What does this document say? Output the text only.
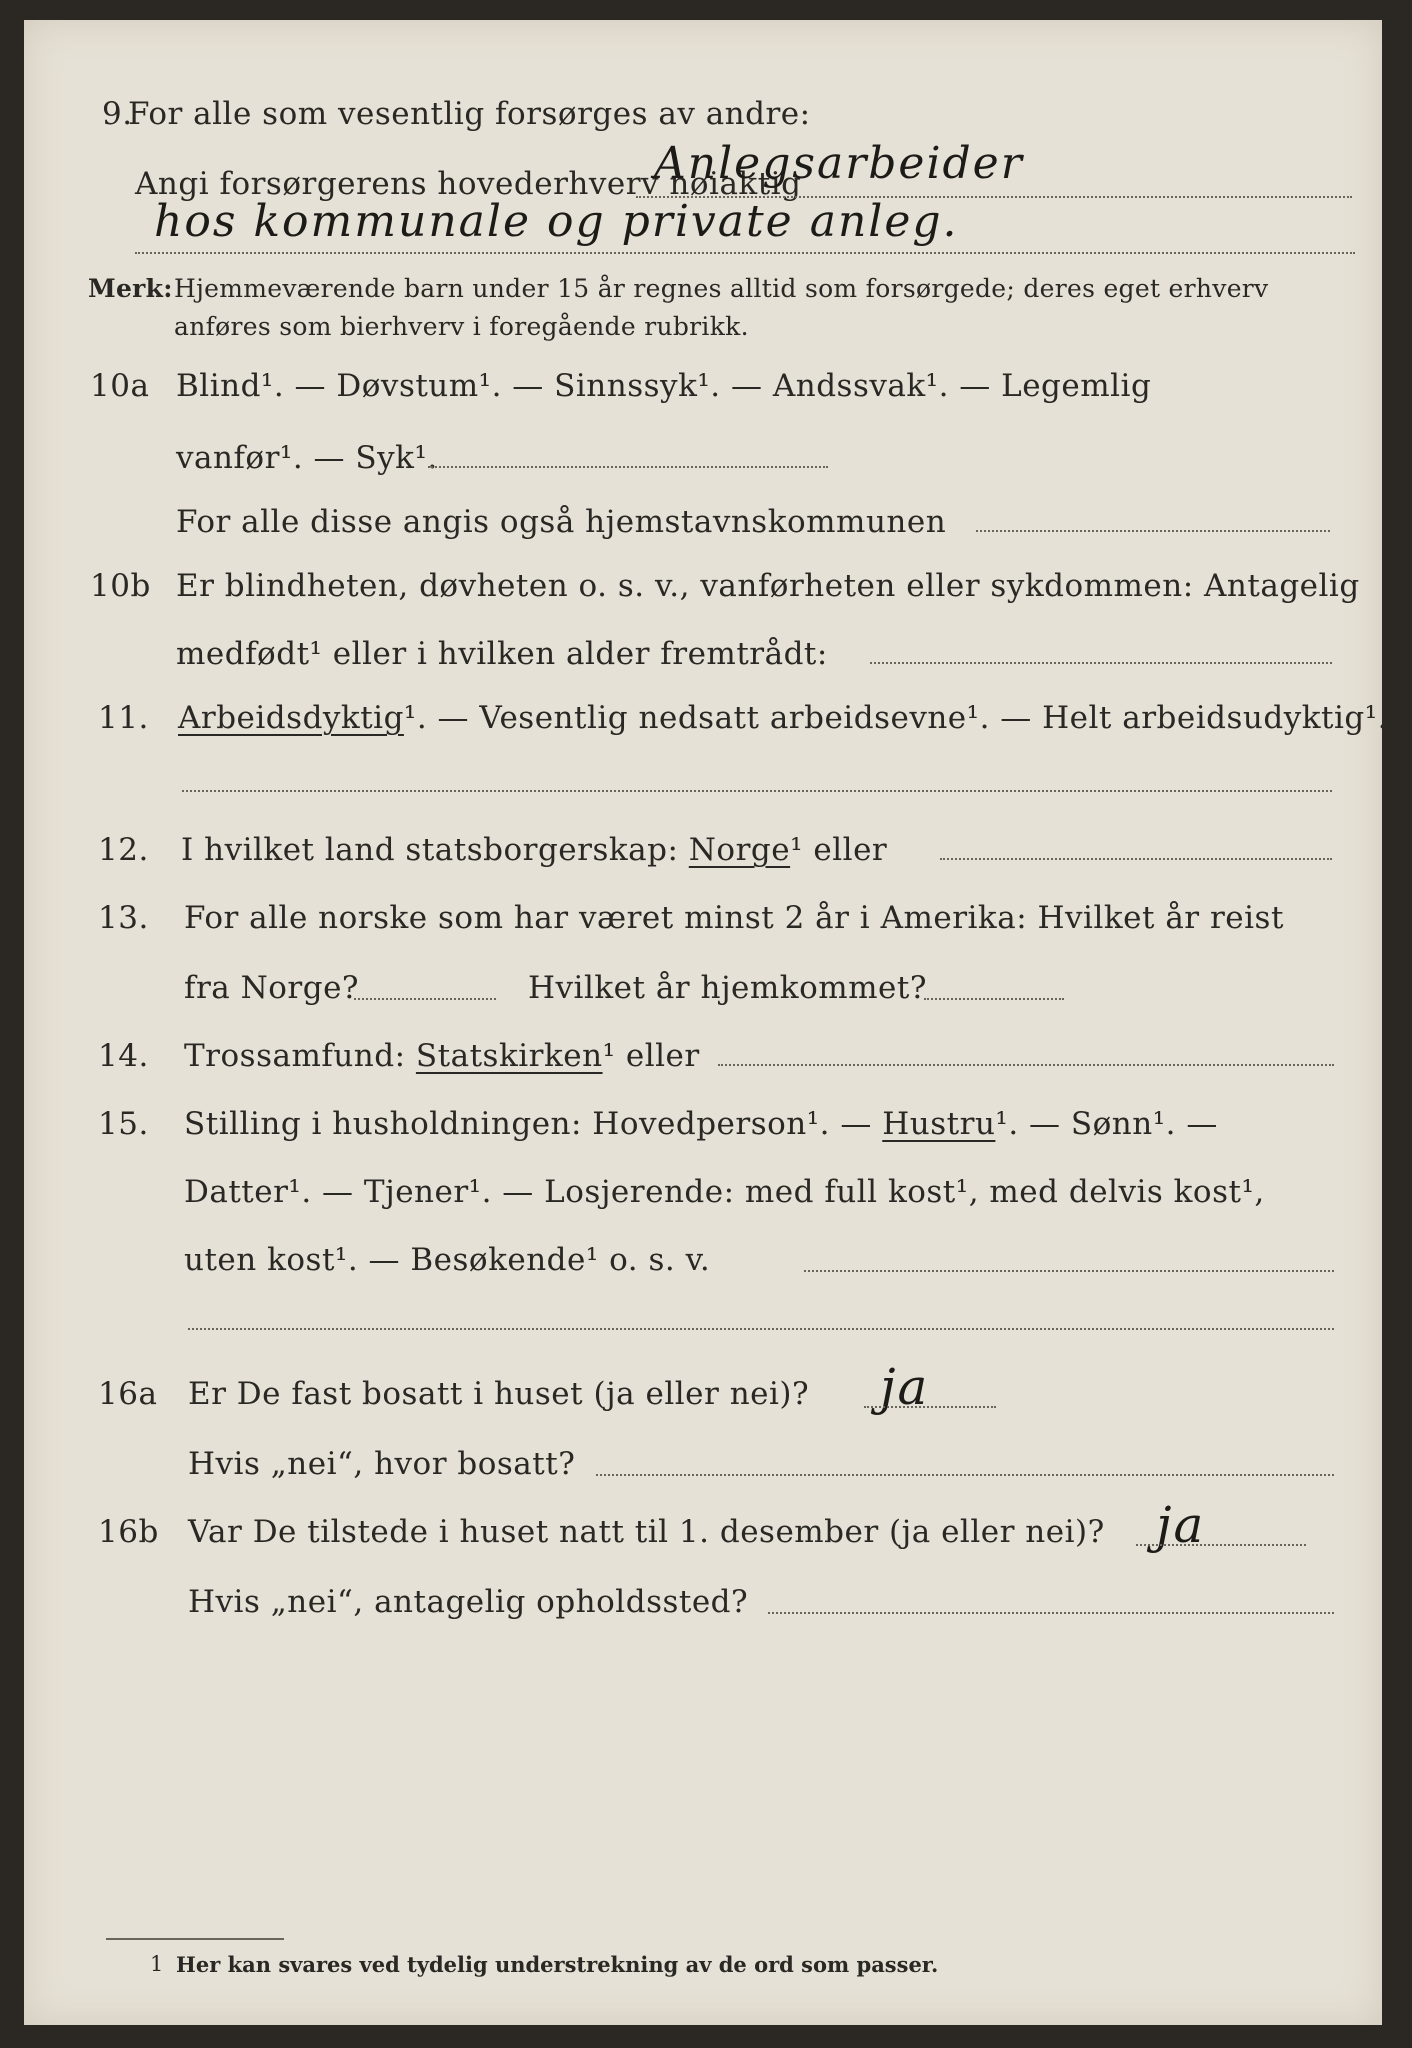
9.
For alle som vesentlig forsørges av andre:
Angi forsørgerens hovederhverv nøiaktig
Anlegsarbeider
hos kommunale og private anleg.
Merk: Hjemmeværende barn under 15 år regnes alltid som forsørgede; deres eget erhverv
anføres som bierhverv i foregående rubrikk.
10a Blind¹. — Døvstum¹. — Sinnssyk¹. — Andssvak¹. — Legemlig
vanfør¹. — Syk¹.
For alle disse angis også hjemstavnskommunen
10b Er blindheten, døvheten o. s. v., vanførheten eller sykdommen: Antagelig
medfødt¹ eller i hvilken alder fremtrådt:
11. Arbeidsdyktig¹. — Vesentlig nedsatt arbeidsevne¹. — Helt arbeidsudyktig¹.
12. I hvilket land statsborgerskap: Norge¹ eller
13. For alle norske som har været minst 2 år i Amerika: Hvilket år reist
fra Norge?	Hvilket år hjemkommet?
14. Trossamfund: Statskirken¹ eller
15. Stilling i husholdningen: Hovedperson¹. — Hustru¹. — Sønn¹. —
Datter¹. — Tjener¹. — Losjerende: med full kost¹, med delvis kost¹,
uten kost¹. — Besøkende¹ o. s. v.
16a Er De fast bosatt i huset (ja eller nei)? ja
Hvis „nei“, hvor bosatt?
16b Var De tilstede i huset natt til 1. desember (ja eller nei)? ja
Hvis „nei“, antagelig opholdssted?
1 Her kan svares ved tydelig understrekning av de ord som passer.
